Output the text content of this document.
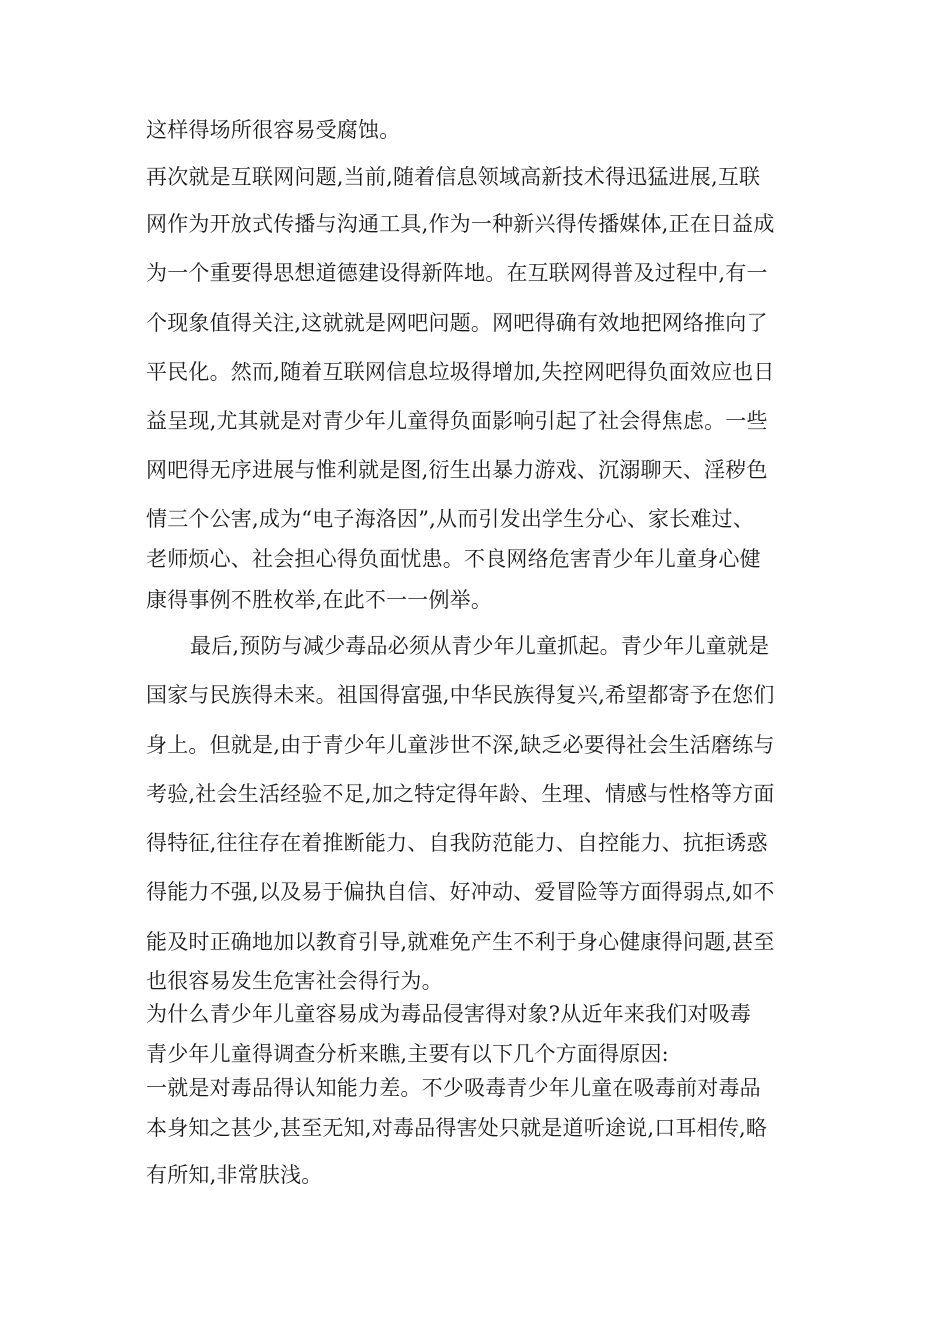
这样得场所很容易受腐蚀。

再次就是互联网问题,当前,随着信息领域高新技术得迅猛进展,互联

网作为开放式传播与沟通工具,作为一种新兴得传播媒体,正在日益成

为一个重要得思想道德建设得新阵地。在互联网得普及过程中,有一

个现象值得关注,这就就是网吧问题。网吧得确有效地把网络推向了

平民化。然而,随着互联网信息垃圾得增加,失控网吧得负面效应也日

益呈现,尤其就是对青少年儿童得负面影响引起了社会得焦虑。一些

网吧得无序进展与惟利就是图,衍生出暴力游戏、沉溺聊天、淫秽色

情三个公害,成为“电子海洛因”,从而引发出学生分心、家长难过、

老师烦心、社会担心得负面忧患。不良网络危害青少年儿童身心健

康得事例不胜枚举,在此不一一例举。

最后,预防与减少毒品必须从青少年儿童抓起。青少年儿童就是

国家与民族得未来。祖国得富强,中华民族得复兴,希望都寄予在您们

身上。但就是,由于青少年儿童涉世不深,缺乏必要得社会生活磨练与

考验,社会生活经验不足,加之特定得年龄、生理、情感与性格等方面

得特征,往往存在着推断能力、自我防范能力、自控能力、抗拒诱惑

得能力不强,以及易于偏执自信、好冲动、爱冒险等方面得弱点,如不

能及时正确地加以教育引导,就难免产生不利于身心健康得问题,甚至

也很容易发生危害社会得行为。

为什么青少年儿童容易成为毒品侵害得对象?从近年来我们对吸毒

青少年儿童得调查分析来瞧,主要有以下几个方面得原因:

一就是对毒品得认知能力差。不少吸毒青少年儿童在吸毒前对毒品

本身知之甚少,甚至无知,对毒品得害处只就是道听途说,口耳相传,略

有所知,非常肤浅。
